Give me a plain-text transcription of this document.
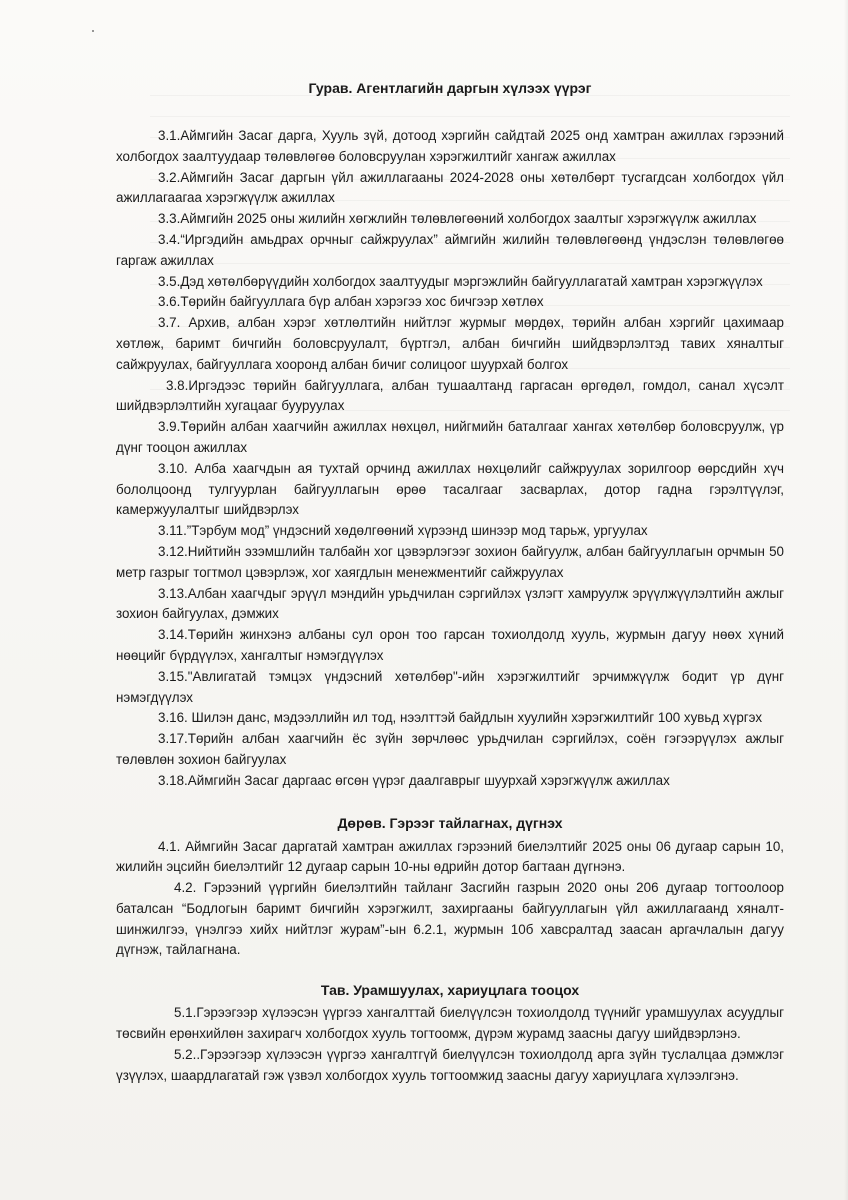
Гурав. Агентлагийн даргын хүлээх үүрэг

3.1.Аймгийн Засаг дарга, Хууль зүй, дотоод хэргийн сайдтай 2025 онд хамтран ажиллах гэрээний холбогдох заалтуудаар төлөвлөгөө боловсруулан хэрэгжилтийг хангаж ажиллах

3.2.Аймгийн Засаг даргын үйл ажиллагааны 2024-2028 оны хөтөлбөрт тусгагдсан холбогдох үйл ажиллагаагаа хэрэгжүүлж ажиллах

3.3.Аймгийн 2025 оны жилийн хөгжлийн төлөвлөгөөний холбогдох заалтыг хэрэгжүүлж ажиллах

3.4.“Иргэдийн амьдрах орчныг сайжруулах” аймгийн жилийн төлөвлөгөөнд үндэслэн төлөвлөгөө гаргаж ажиллах

3.5.Дэд хөтөлбөрүүдийн холбогдох заалтуудыг мэргэжлийн байгууллагатай хамтран хэрэгжүүлэх

3.6.Төрийн байгууллага бүр албан хэрэгээ хос бичгээр хөтлөх

3.7. Архив, албан хэрэг хөтлөлтийн нийтлэг журмыг мөрдөх, төрийн албан хэргийг цахимаар хөтлөж, баримт бичгийн боловсруулалт, бүртгэл, албан бичгийн шийдвэрлэлтэд тавих хяналтыг сайжруулах, байгууллага хооронд албан бичиг солицоог шуурхай болгох

3.8.Иргэдээс төрийн байгууллага, албан тушаалтанд гаргасан өргөдөл, гомдол, санал хүсэлт шийдвэрлэлтийн хугацааг бууруулах

3.9.Төрийн албан хаагчийн ажиллах нөхцөл, нийгмийн баталгааг хангах хөтөлбөр боловсруулж, үр дүнг тооцон ажиллах

3.10. Алба хаагчдын ая тухтай орчинд ажиллах нөхцөлийг сайжруулах зорилгоор өөрсдийн хүч бололцоонд тулгуурлан байгууллагын өрөө тасалгааг засварлах, дотор гадна гэрэлтүүлэг, камержуулалтыг шийдвэрлэх

3.11.”Тэрбум мод” үндэсний хөдөлгөөний хүрээнд шинээр мод тарьж, ургуулах

3.12.Нийтийн эзэмшлийн талбайн хог цэвэрлэгээг зохион байгуулж, албан байгууллагын орчмын 50 метр газрыг тогтмол цэвэрлэж, хог хаягдлын менежментийг сайжруулах

3.13.Албан хаагчдыг эрүүл мэндийн урьдчилан сэргийлэх үзлэгт хамруулж эрүүлжүүлэлтийн ажлыг зохион байгуулах, дэмжих

3.14.Төрийн жинхэнэ албаны сул орон тоо гарсан тохиолдолд хууль, журмын дагуу нөөх хүний нөөцийг бүрдүүлэх, хангалтыг нэмэгдүүлэх

3.15."Авлигатай тэмцэх үндэсний хөтөлбөр"-ийн хэрэгжилтийг эрчимжүүлж бодит үр дүнг нэмэгдүүлэх

3.16. Шилэн данс, мэдээллийн ил тод, нээлттэй байдлын хуулийн хэрэгжилтийг 100 хувьд хүргэх

3.17.Төрийн албан хаагчийн ёс зүйн зөрчлөөс урьдчилан сэргийлэх, соён гэгээрүүлэх ажлыг төлөвлөн зохион байгуулах

3.18.Аймгийн Засаг даргаас өгсөн үүрэг даалгаврыг шуурхай хэрэгжүүлж ажиллах

Дөрөв. Гэрээг тайлагнах, дүгнэх

4.1. Аймгийн Засаг даргатай хамтран ажиллах гэрээний биелэлтийг 2025 оны 06 дугаар сарын 10, жилийн эцсийн биелэлтийг 12 дугаар сарын 10-ны өдрийн дотор багтаан дүгнэнэ.

4.2. Гэрээний үүргийн биелэлтийн тайланг Засгийн газрын 2020 оны 206 дугаар тогтоолоор баталсан “Бодлогын баримт бичгийн хэрэгжилт, захиргааны байгууллагын үйл ажиллагаанд хяналт-шинжилгээ, үнэлгээ хийх нийтлэг журам”-ын 6.2.1, журмын 10б хавсралтад заасан аргачлалын дагуу дүгнэж, тайлагнана.

Тав. Урамшуулах, хариуцлага тооцох

5.1.Гэрээгээр хүлээсэн үүргээ хангалттай биелүүлсэн тохиолдолд түүнийг урамшуулах асуудлыг төсвийн ерөнхийлөн захирагч холбогдох хууль тогтоомж, дүрэм журамд заасны дагуу шийдвэрлэнэ.

5.2..Гэрээгээр хүлээсэн үүргээ хангалтгүй биелүүлсэн тохиолдолд арга зүйн туслалцаа дэмжлэг үзүүлэх, шаардлагатай гэж үзвэл холбогдох хууль тогтоомжид заасны дагуу хариуцлага хүлээлгэнэ.
